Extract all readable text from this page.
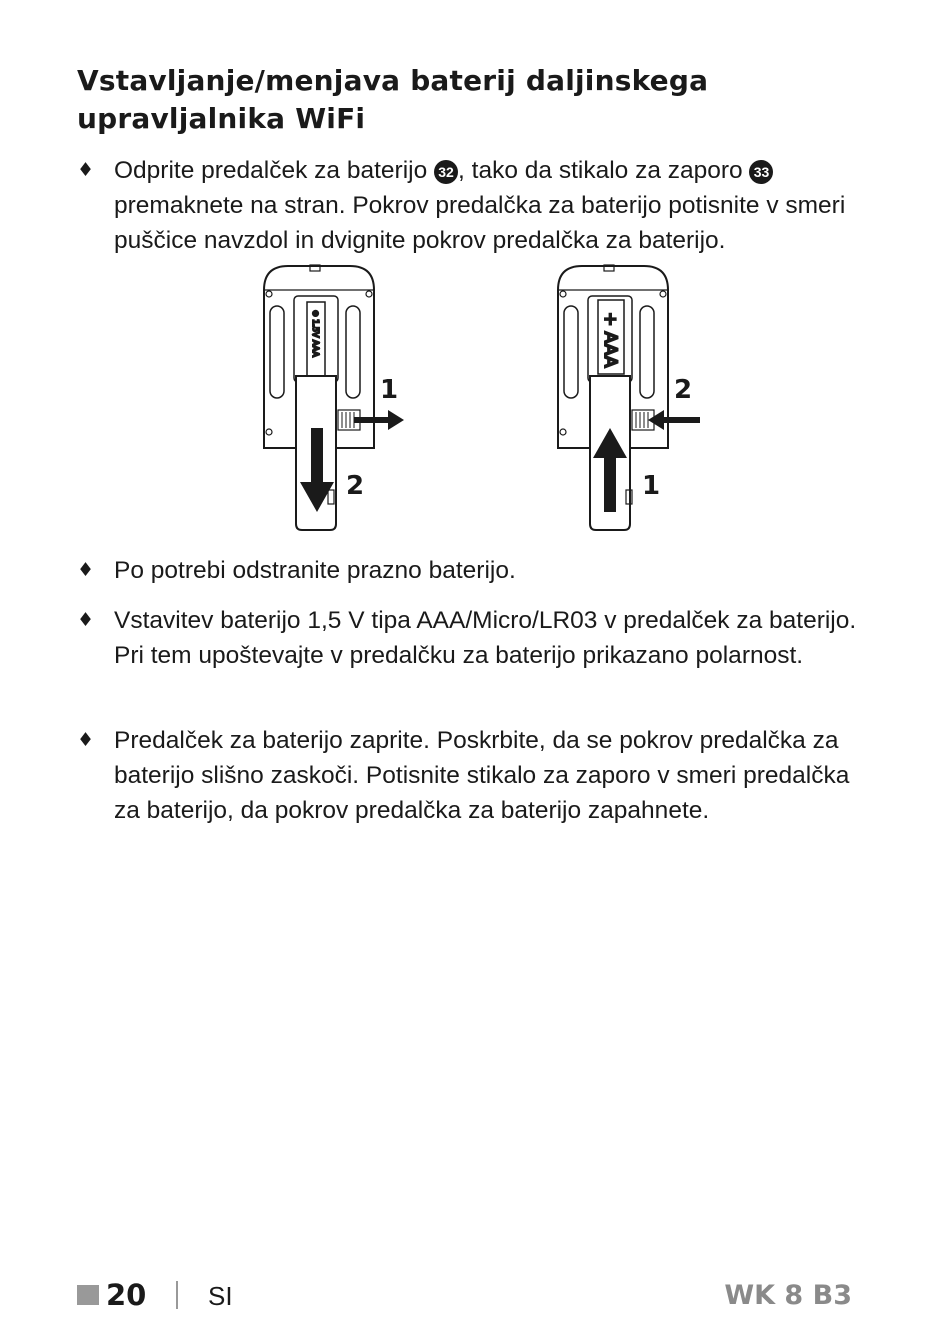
Vstavljanje/menjava baterij daljinskega upravljalnika WiFi
♦ Odprite predalček za baterijo 32 , tako da stikalo za zaporo 33 premaknete na stran. Pokrov predalčka za baterijo potisnite v smeri puščice navzdol in dvignite pokrov predalčka za baterijo.
⊕ 1.5V AAA
1
2
+ AAA
2
1
♦ Po potrebi odstranite prazno baterijo.
♦ Vstavitev baterijo 1,5 V tipa AAA/Micro/LR03 v predalček za baterijo. Pri tem upoštevajte v predalčku za baterijo prikazano polarnost.
♦ Predalček za baterijo zaprite. Poskrbite, da se pokrov predalčka za baterijo slišno zaskoči. Potisnite stikalo za zaporo v smeri predalčka za baterijo, da pokrov predalčka za baterijo zapahnete.
20 SI	WK 8 B3
